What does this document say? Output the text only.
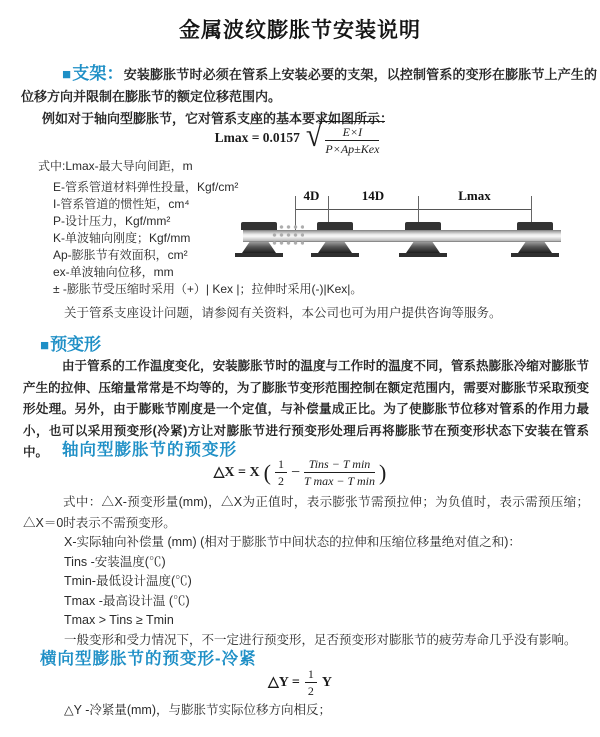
金属波纹膨胀节安装说明

■支架：安装膨胀节时必须在管系上安装必要的支架，以控制管系的变形在膨胀节上产生的位移方向并限制在膨胀节的额定位移范围内。

例如对于轴向型膨胀节，它对管系支座的基本要求如图所示：

Lmax = 0.0157 √ $\frac{E\times I}{\text{P×Ap±Kex}}$
式中:Lmax-最大导向间距，m
E-管系管道材料弹性投量，Kgf/cm²
I-管系管道的惯性矩，cm⁴
P-设计压力，Kgf/mm²
K-单波轴向刚度；Kgf/mm
Ap-膨胀节有效面积，cm²
ex-单波轴向位移，mm
± -膨胀节受压缩时采用（+）| Kex |；拉伸时采用(-)|Kex|。
关于管系支座设计问题，请参阅有关资料，本公司也可为用户提供咨询等服务。
4D	14D	Lmax
■预变形

由于管系的工作温度变化，安装膨胀节时的温度与工作时的温度不同，管系热膨胀冷缩对膨胀节产生的拉伸、压缩量常常是不均等的，为了膨胀节变形范围控制在额定范围内，需要对膨胀节采取预变形处理。另外，由于膨账节刚度是一个定值，与补偿量成正比。为了使膨胀节位移对管系的作用力最小，也可以采用预变形(冷紧)方让对膨胀节进行预变形处理后再将膨胀节在预变形状态下安装在管系中。 轴向型膨胀节的预变形
△X = X ( $\frac{1}{2} - \frac{\text{Tins − T min}}{\text{T max − T min}}$ )

式中：△X-预变形量(mm)，△X为正值时，表示膨张节需预拉伸；为负值时，表示需预压缩；△X＝0时表示不需预变形。

X-实际轴向补偿量 (mm) (相对于膨胀节中间状态的拉伸和压缩位移量绝对值之和)：
Tins -安装温度(℃)
Tmin-最低设计温度(℃)
Tmax -最高设计温 (℃)
Tmax > Tins ≥ Tmin
一般变形和受力情况下，不一定进行预变形，足否预变形对膨胀节的疲劳寿命几乎没有影响。
横向型膨胀节的预变形-冷紧
△Y = $\frac{1}{2}$ Y

△Y -冷紧量(mm)，与膨胀节实际位移方向相反；
